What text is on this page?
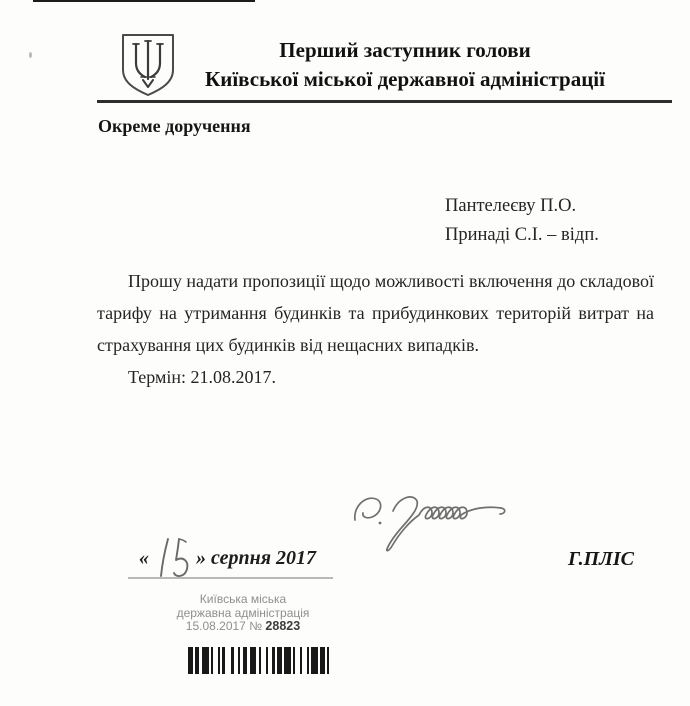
Перший заступник голови
Київської міської державної адміністрації
Окреме доручення
Пантелеєву П.О.
Принаді С.І. – відп.
Прошу надати пропозиції щодо можливості включення до складової
тарифу на утримання будинків та прибудинкових територій витрат на
страхування цих будинків від нещасних випадків.
Термін: 21.08.2017.
« » серпня 2017	Г.ПЛІС
Київська міська
державна адміністрація
15.08.2017 № 28823
